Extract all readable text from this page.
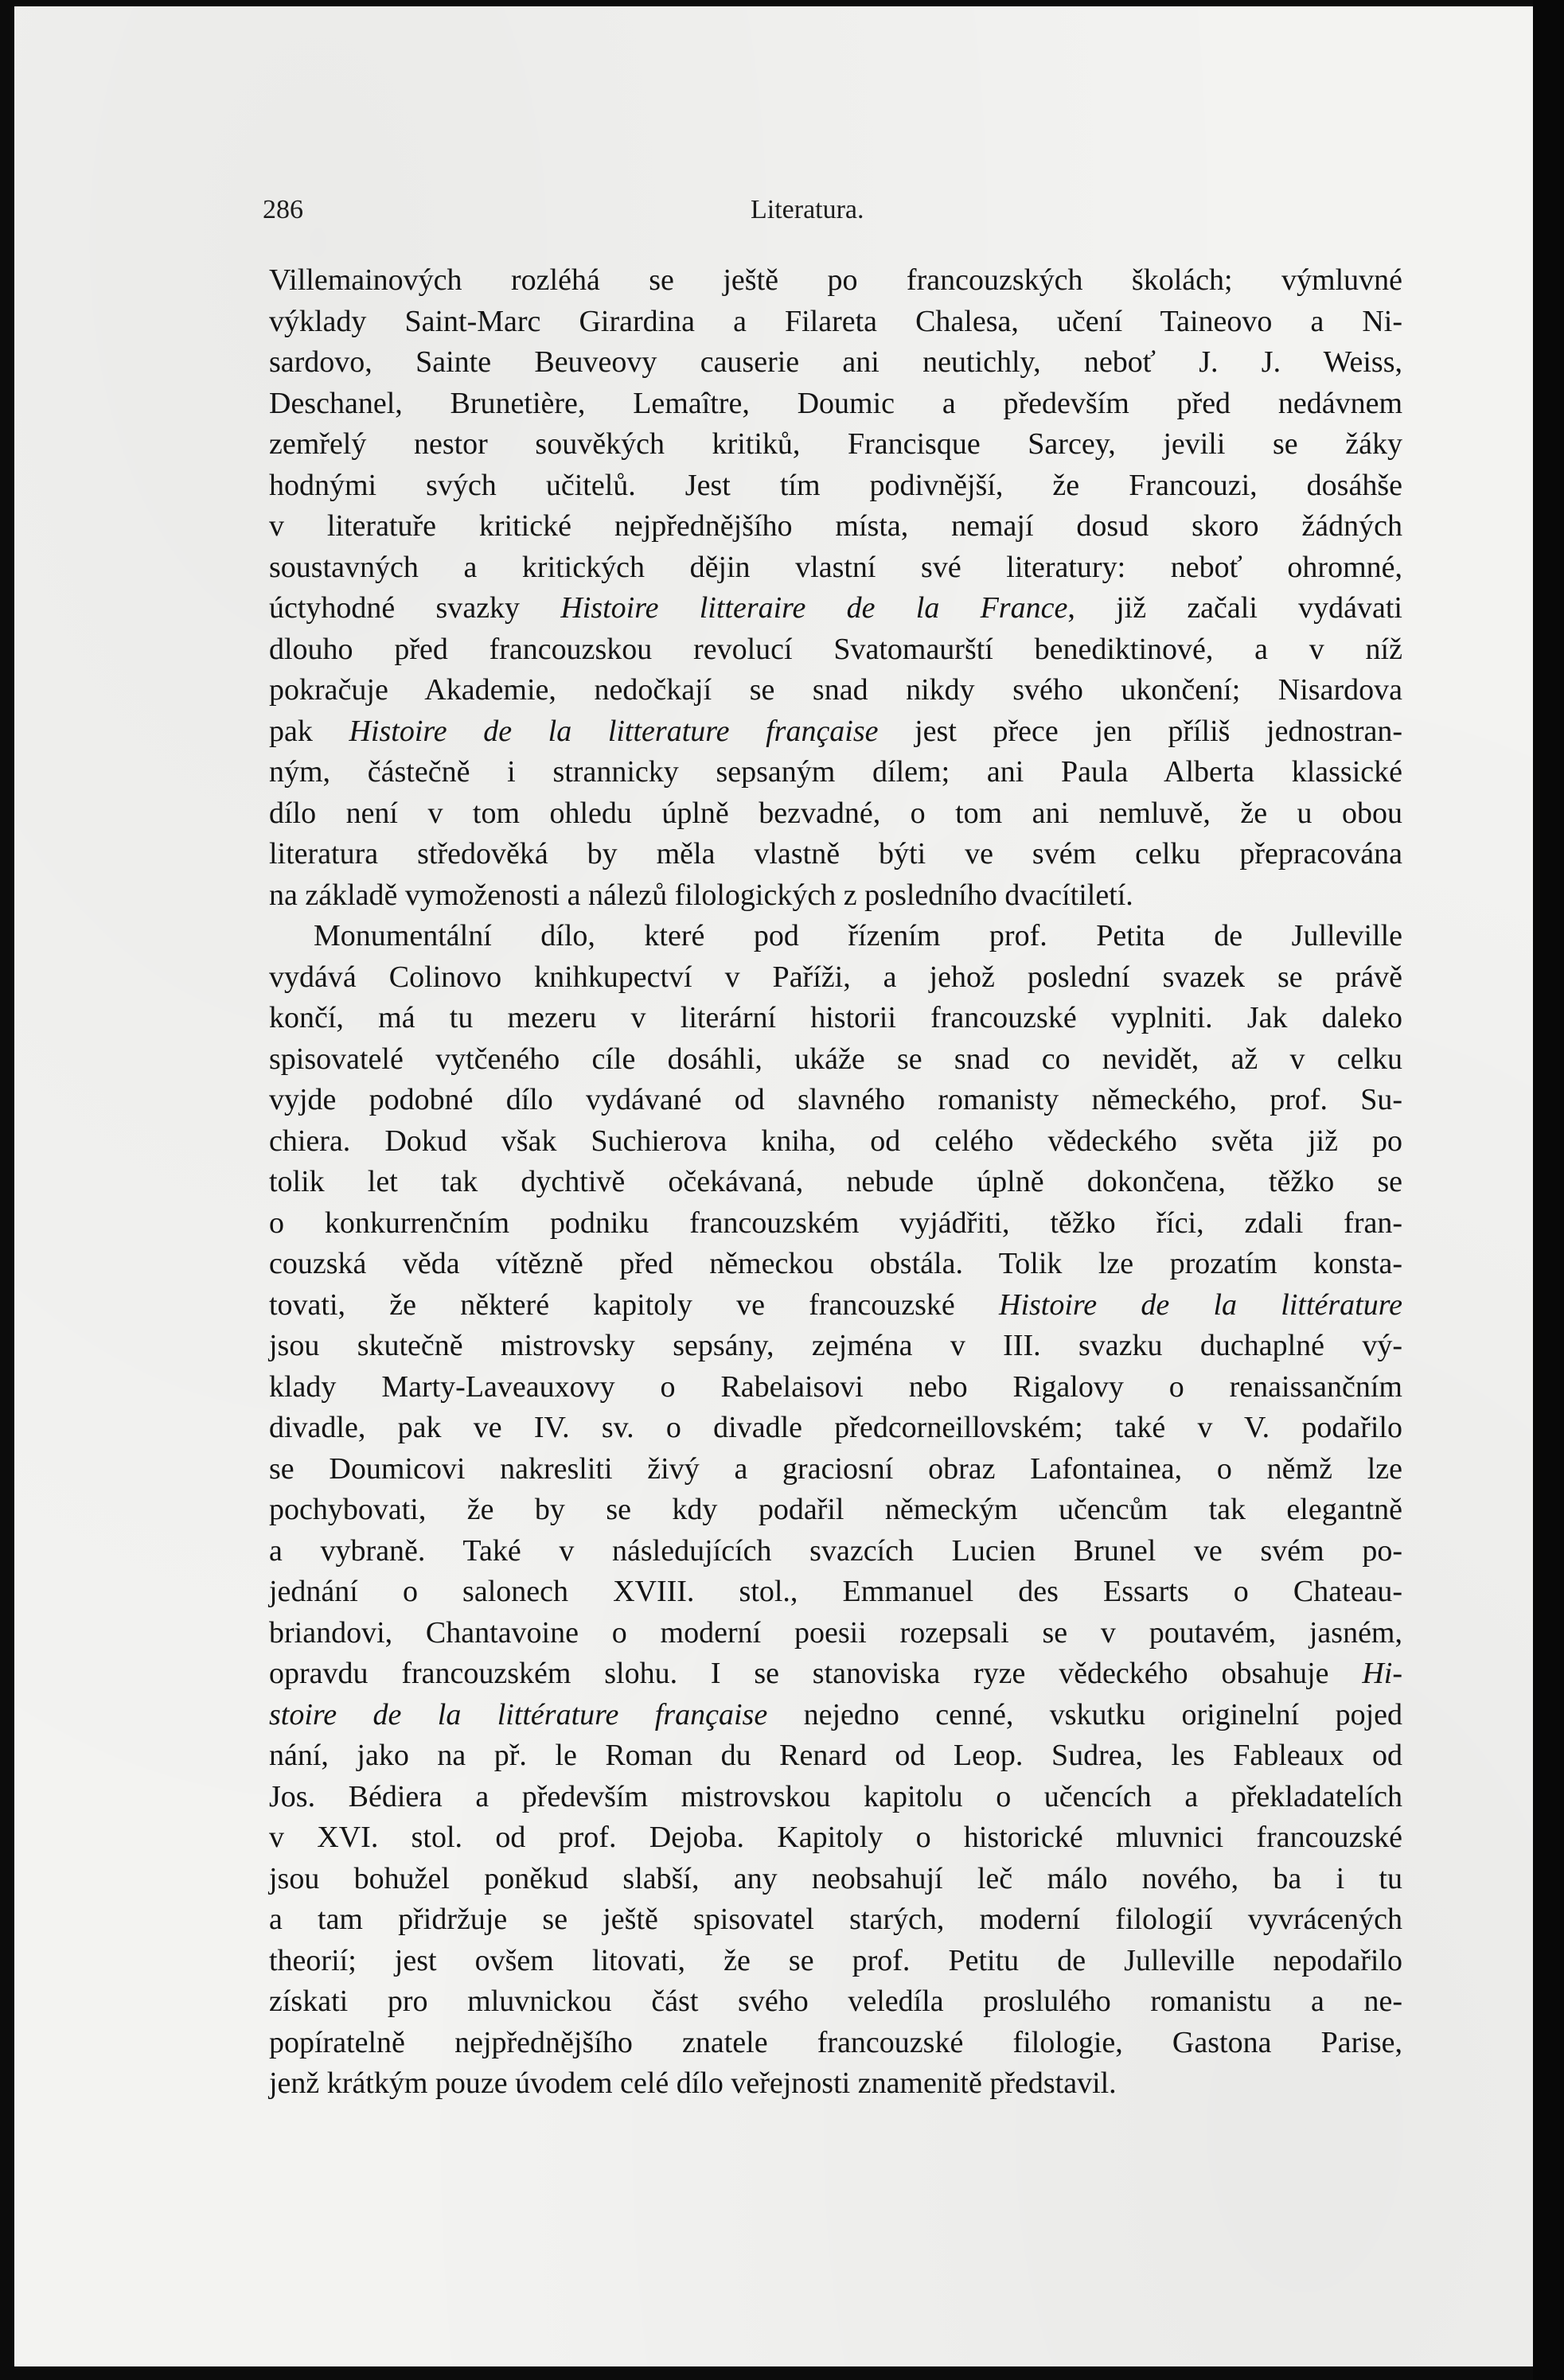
286	Literatura.
Villemainových rozléhá se ještě po francouzských školách; výmluvné
výklady Saint-Marc Girardina a Filareta Chalesa, učení Taineovo a Ni-
sardovo, Sainte Beuveovy causerie ani neutichly, neboť J. J. Weiss,
Deschanel, Brunetière, Lemaître, Doumic a především před nedávnem
zemřelý nestor souvěkých kritiků, Francisque Sarcey, jevili se žáky
hodnými svých učitelů. Jest tím podivnější, že Francouzi, dosáhše
v literatuře kritické nejpřednějšího místa, nemají dosud skoro žádných
soustavných a kritických dějin vlastní své literatury: neboť ohromné,
úctyhodné svazky Histoire litteraire de la France, již začali vydávati
dlouho před francouzskou revolucí Svatomaurští benediktinové, a v níž
pokračuje Akademie, nedočkají se snad nikdy svého ukončení; Nisardova
pak Histoire de la litterature française jest přece jen příliš jednostran-
ným, částečně i strannicky sepsaným dílem; ani Paula Alberta klassické
dílo není v tom ohledu úplně bezvadné, o tom ani nemluvě, že u obou
literatura středověká by měla vlastně býti ve svém celku přepracována
na základě vymoženosti a nálezů filologických z posledního dvacítiletí.
Monumentální dílo, které pod řízením prof. Petita de Julleville
vydává Colinovo knihkupectví v Paříži, a jehož poslední svazek se právě
končí, má tu mezeru v literární historii francouzské vyplniti. Jak daleko
spisovatelé vytčeného cíle dosáhli, ukáže se snad co nevidět, až v celku
vyjde podobné dílo vydávané od slavného romanisty německého, prof. Su-
chiera. Dokud však Suchierova kniha, od celého vědeckého světa již po
tolik let tak dychtivě očekávaná, nebude úplně dokončena, těžko se
o konkurrenčním podniku francouzském vyjádřiti, těžko říci, zdali fran-
couzská věda vítězně před německou obstála. Tolik lze prozatím konsta-
tovati, že některé kapitoly ve francouzské Histoire de la littérature
jsou skutečně mistrovsky sepsány, zejména v III. svazku duchaplné vý-
klady Marty-Laveauxovy o Rabelaisovi nebo Rigalovy o renaissančním
divadle, pak ve IV. sv. o divadle předcorneillovském; také v V. podařilo
se Doumicovi nakresliti živý a graciosní obraz Lafontainea, o němž lze
pochybovati, že by se kdy podařil německým učencům tak elegantně
a vybraně. Také v následujících svazcích Lucien Brunel ve svém po-
jednání o salonech XVIII. stol., Emmanuel des Essarts o Chateau-
briandovi, Chantavoine o moderní poesii rozepsali se v poutavém, jasném,
opravdu francouzském slohu. I se stanoviska ryze vědeckého obsahuje Hi-
stoire de la littérature française nejedno cenné, vskutku originelní pojed
nání, jako na př. le Roman du Renard od Leop. Sudrea, les Fableaux od
Jos. Bédiera a především mistrovskou kapitolu o učencích a překladatelích
v XVI. stol. od prof. Dejoba. Kapitoly o historické mluvnici francouzské
jsou bohužel poněkud slabší, any neobsahují leč málo nového, ba i tu
a tam přidržuje se ještě spisovatel starých, moderní filologií vyvrácených
theorií; jest ovšem litovati, že se prof. Petitu de Julleville nepodařilo
získati pro mluvnickou část svého veledíla proslulého romanistu a ne-
popíratelně nejpřednějšího znatele francouzské filologie, Gastona Parise,
jenž krátkým pouze úvodem celé dílo veřejnosti znamenitě představil.
